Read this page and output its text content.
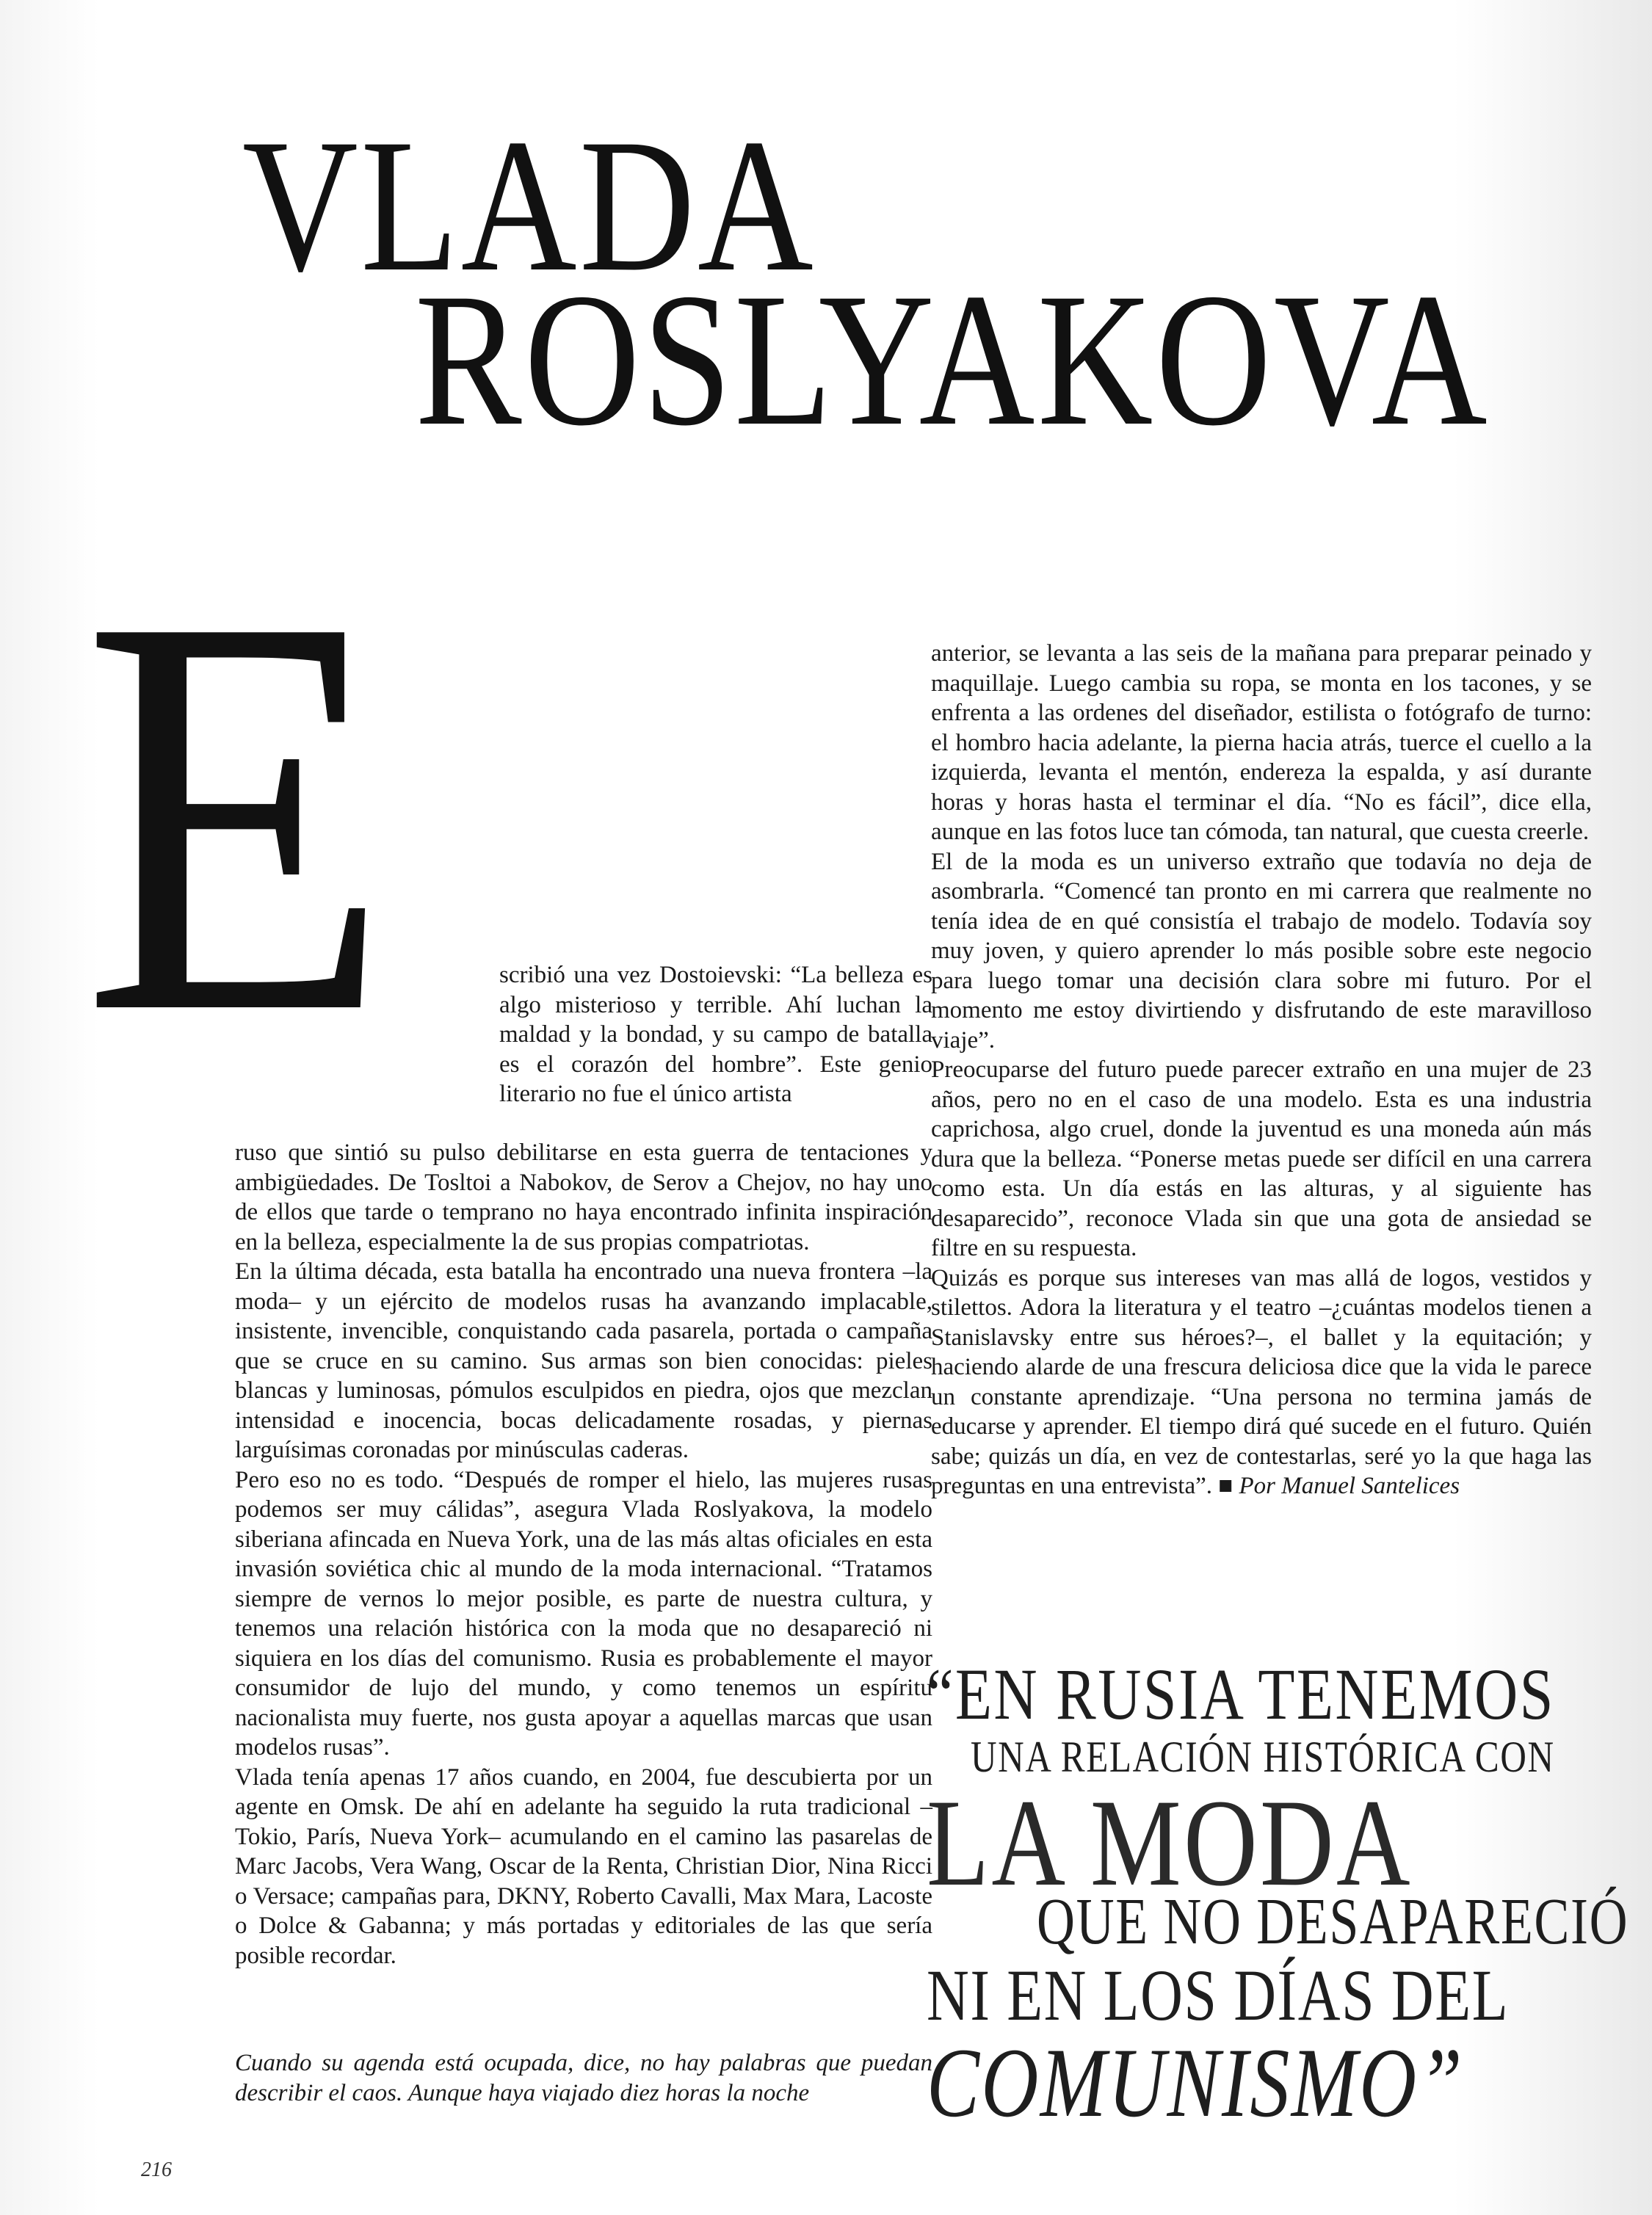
VLADA
ROSLYAKOVA
E	scribió una vez Dostoievski: “La belleza es algo misterioso y terrible. Ahí luchan la maldad y la bondad, y su campo de batalla es el corazón del hombre”. Este genio literario no fue el único artista

ruso que sintió su pulso debilitarse en esta guerra de tentaciones y ambigüedades. De Tosltoi a Nabokov, de Serov a Chejov, no hay uno de ellos que tarde o temprano no haya encontrado infinita inspiración en la belleza, especialmente la de sus propias compatriotas.
En la última década, esta batalla ha encontrado una nueva frontera –la moda– y un ejército de modelos rusas ha avanzando implacable, insistente, invencible, conquistando cada pasarela, portada o campaña que se cruce en su camino. Sus armas son bien conocidas: pieles blancas y luminosas, pómulos esculpidos en piedra, ojos que mezclan intensidad e inocencia, bocas delicadamente rosadas, y piernas larguísimas coronadas por minúsculas caderas.
Pero eso no es todo. “Después de romper el hielo, las mujeres rusas podemos ser muy cálidas”, asegura Vlada Roslyakova, la modelo siberiana afincada en Nueva York, una de las más altas oficiales en esta invasión soviética chic al mundo de la moda internacional. “Tratamos siempre de vernos lo mejor posible, es parte de nuestra cultura, y tenemos una relación histórica con la moda que no desapareció ni siquiera en los días del comunismo. Rusia es probablemente el mayor consumidor de lujo del mundo, y como tenemos un espíritu nacionalista muy fuerte, nos gusta apoyar a aquellas marcas que usan modelos rusas”.
Vlada tenía apenas 17 años cuando, en 2004, fue descubierta por un agente en Omsk. De ahí en adelante ha seguido la ruta tradicional –Tokio, París, Nueva York– acumulando en el camino las pasarelas de Marc Jacobs, Vera Wang, Oscar de la Renta, Christian Dior, Nina Ricci o Versace; campañas para, DKNY, Roberto Cavalli, Max Mara, Lacoste o Dolce & Gabanna; y más portadas y editoriales de las que sería posible recordar.

Cuando su agenda está ocupada, dice, no hay palabras que puedan describir el caos. Aunque haya viajado diez horas la noche

anterior, se levanta a las seis de la mañana para preparar peinado y maquillaje. Luego cambia su ropa, se monta en los tacones, y se enfrenta a las ordenes del diseñador, estilista o fotógrafo de turno: el hombro hacia adelante, la pierna hacia atrás, tuerce el cuello a la izquierda, levanta el mentón, endereza la espalda, y así durante horas y horas hasta el terminar el día. “No es fácil”, dice ella, aunque en las fotos luce tan cómoda, tan natural, que cuesta creerle.
El de la moda es un universo extraño que todavía no deja de asombrarla. “Comencé tan pronto en mi carrera que realmente no tenía idea de en qué consistía el trabajo de modelo. Todavía soy muy joven, y quiero aprender lo más posible sobre este negocio para luego tomar una decisión clara sobre mi futuro. Por el momento me estoy divirtiendo y disfrutando de este maravilloso viaje”.
Preocuparse del futuro puede parecer extraño en una mujer de 23 años, pero no en el caso de una modelo. Esta es una industria caprichosa, algo cruel, donde la juventud es una moneda aún más dura que la belleza. “Ponerse metas puede ser difícil en una carrera como esta. Un día estás en las alturas, y al siguiente has desaparecido”, reconoce Vlada sin que una gota de ansiedad se filtre en su respuesta.
Quizás es porque sus intereses van mas allá de logos, vestidos y stilettos. Adora la literatura y el teatro –¿cuántas modelos tienen a Stanislavsky entre sus héroes?–, el ballet y la equitación; y haciendo alarde de una frescura deliciosa dice que la vida le parece un constante aprendizaje. “Una persona no termina jamás de educarse y aprender. El tiempo dirá qué sucede en el futuro. Quién sabe; quizás un día, en vez de contestarlas, seré yo la que haga las preguntas en una entrevista”. ■ Por Manuel Santelices

“EN RUSIA TENEMOS
UNA RELACIÓN HISTÓRICA CON
LA MODA
QUE NO DESAPARECIÓ
NI EN LOS DÍAS DEL
COMUNISMO”
216
